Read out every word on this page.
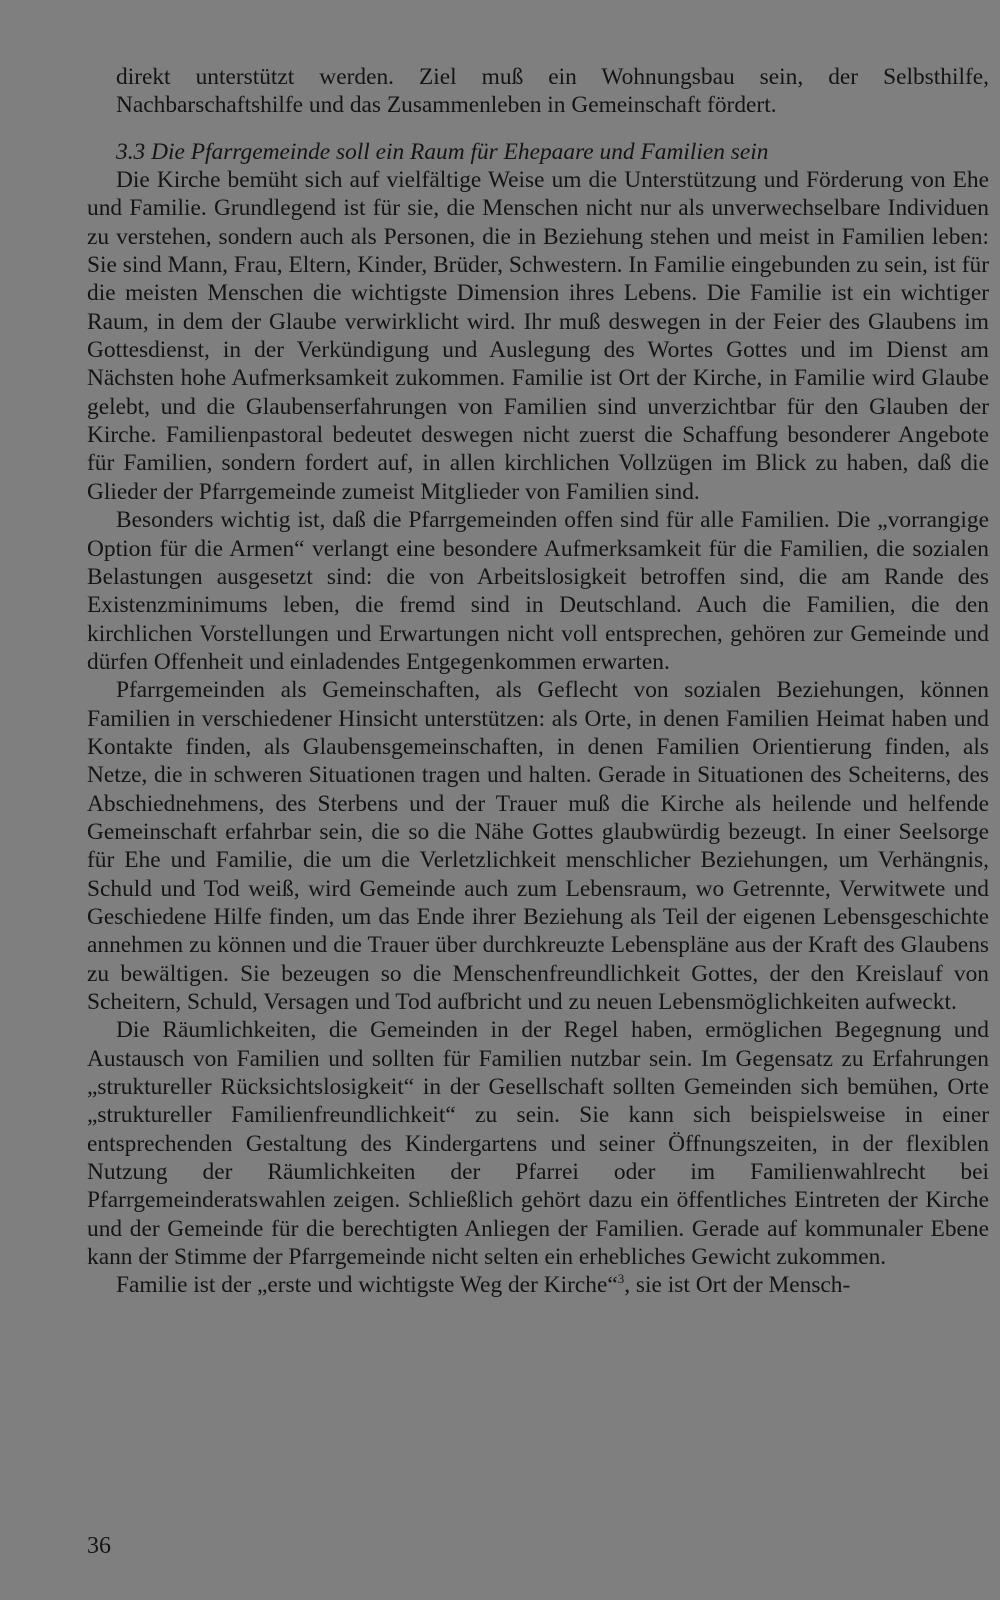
direkt unterstützt werden. Ziel muß ein Wohnungsbau sein, der Selbsthilfe, Nachbarschaftshilfe und das Zusammenleben in Gemeinschaft fördert.

3.3 Die Pfarrgemeinde soll ein Raum für Ehepaare und Familien sein

Die Kirche bemüht sich auf vielfältige Weise um die Unterstützung und Förderung von Ehe und Familie. Grundlegend ist für sie, die Menschen nicht nur als unverwechselbare Individuen zu verstehen, sondern auch als Personen, die in Beziehung stehen und meist in Familien leben: Sie sind Mann, Frau, Eltern, Kinder, Brüder, Schwestern. In Familie eingebunden zu sein, ist für die meisten Menschen die wichtigste Dimension ihres Lebens. Die Familie ist ein wichtiger Raum, in dem der Glaube verwirklicht wird. Ihr muß deswegen in der Feier des Glaubens im Gottesdienst, in der Verkündigung und Auslegung des Wortes Gottes und im Dienst am Nächsten hohe Aufmerksamkeit zukommen. Familie ist Ort der Kirche, in Familie wird Glaube gelebt, und die Glaubenserfahrungen von Familien sind unverzichtbar für den Glauben der Kirche. Familienpastoral bedeutet deswegen nicht zuerst die Schaffung besonderer Angebote für Familien, sondern fordert auf, in allen kirchlichen Vollzügen im Blick zu haben, daß die Glieder der Pfarrgemeinde zumeist Mitglieder von Familien sind.

Besonders wichtig ist, daß die Pfarrgemeinden offen sind für alle Familien. Die „vorrangige Option für die Armen“ verlangt eine besondere Aufmerksamkeit für die Familien, die sozialen Belastungen ausgesetzt sind: die von Arbeitslosigkeit betroffen sind, die am Rande des Existenzminimums leben, die fremd sind in Deutschland. Auch die Familien, die den kirchlichen Vorstellungen und Erwartungen nicht voll entsprechen, gehören zur Gemeinde und dürfen Offenheit und einladendes Entgegenkommen erwarten.

Pfarrgemeinden als Gemeinschaften, als Geflecht von sozialen Beziehungen, können Familien in verschiedener Hinsicht unterstützen: als Orte, in denen Familien Heimat haben und Kontakte finden, als Glaubensgemeinschaften, in denen Familien Orientierung finden, als Netze, die in schweren Situationen tragen und halten. Gerade in Situationen des Scheiterns, des Abschiednehmens, des Sterbens und der Trauer muß die Kirche als heilende und helfende Gemeinschaft erfahrbar sein, die so die Nähe Gottes glaubwürdig bezeugt. In einer Seelsorge für Ehe und Familie, die um die Verletzlichkeit menschlicher Beziehungen, um Verhängnis, Schuld und Tod weiß, wird Gemeinde auch zum Lebensraum, wo Getrennte, Verwitwete und Geschiedene Hilfe finden, um das Ende ihrer Beziehung als Teil der eigenen Lebensgeschichte annehmen zu können und die Trauer über durchkreuzte Lebenspläne aus der Kraft des Glaubens zu bewältigen. Sie bezeugen so die Menschenfreundlichkeit Gottes, der den Kreislauf von Scheitern, Schuld, Versagen und Tod aufbricht und zu neuen Lebensmöglichkeiten aufweckt.

Die Räumlichkeiten, die Gemeinden in der Regel haben, ermöglichen Begegnung und Austausch von Familien und sollten für Familien nutzbar sein. Im Gegensatz zu Erfahrungen „struktureller Rücksichtslosigkeit“ in der Gesellschaft sollten Gemeinden sich bemühen, Orte „struktureller Familienfreundlichkeit“ zu sein. Sie kann sich beispielsweise in einer entsprechenden Gestaltung des Kindergartens und seiner Öffnungszeiten, in der flexiblen Nutzung der Räumlichkeiten der Pfarrei oder im Familienwahlrecht bei Pfarrgemeinderatswahlen zeigen. Schließlich gehört dazu ein öffentliches Eintreten der Kirche und der Gemeinde für die berechtigten Anliegen der Familien. Gerade auf kommunaler Ebene kann der Stimme der Pfarrgemeinde nicht selten ein erhebliches Gewicht zukommen.

Familie ist der „erste und wichtigste Weg der Kirche“$^3$, sie ist Ort der Mensch-

36
